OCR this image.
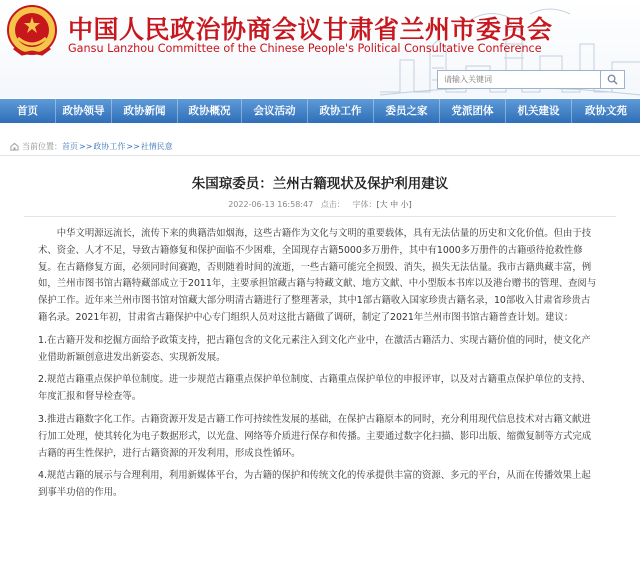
中国人民政治协商会议甘肃省兰州市委员会
Gansu Lanzhou Committee of the Chinese People's Political Consultative Conference
请输入关键词
首页	政协领导	政协新闻	政协概况	会议活动	政协工作	委员之家	党派团体	机关建设	政协文苑
当前位置： 首页 >> 政协工作 >> 社情民意
朱国琼委员：兰州古籍现状及保护利用建议
2022-06-13 16:58:47 点击： 字体：[大 中 小]

中华文明源远流长，流传下来的典籍浩如烟海，这些古籍作为文化与文明的重要载体，具有无法估量的历史和文化价值。但由于技术、资金、人才不足，导致古籍修复和保护面临不少困难，全国现存古籍5000多万册件，其中有1000多万册件的古籍亟待抢救性修复。在古籍修复方面，必须同时间赛跑，否则随着时间的流逝，一些古籍可能完全损毁、消失，损失无法估量。我市古籍典藏丰富，例如，兰州市图书馆古籍特藏部成立于2011年，主要承担馆藏古籍与特藏文献、地方文献、中小型版本书库以及港台赠书的管理、查阅与保护工作。近年来兰州市图书馆对馆藏大部分明清古籍进行了整理著录，其中1部古籍收入国家珍贵古籍名录，10部收入甘肃省珍贵古籍名录。2021年初，甘肃省古籍保护中心专门组织人员对这批古籍做了调研，制定了2021年兰州市图书馆古籍普查计划。建议：

1.在古籍开发和挖掘方面给予政策支持，把古籍包含的文化元素注入到文化产业中，在激活古籍活力、实现古籍价值的同时，使文化产业借助新颖创意进发出新姿态、实现新发展。

2.规范古籍重点保护单位制度。进一步规范古籍重点保护单位制度、古籍重点保护单位的申报评审，以及对古籍重点保护单位的支持、年度汇报和督导检查等。

3.推进古籍数字化工作。古籍资源开发是古籍工作可持续性发展的基础，在保护古籍原本的同时，充分利用现代信息技术对古籍文献进行加工处理，使其转化为电子数据形式，以光盘、网络等介质进行保存和传播。主要通过数字化扫描、影印出版、缩微复制等方式完成古籍的再生性保护，进行古籍资源的开发利用，形成良性循环。

4.规范古籍的展示与合理利用，利用新媒体平台，为古籍的保护和传统文化的传承提供丰富的资源、多元的平台，从而在传播效果上起到事半功倍的作用。
